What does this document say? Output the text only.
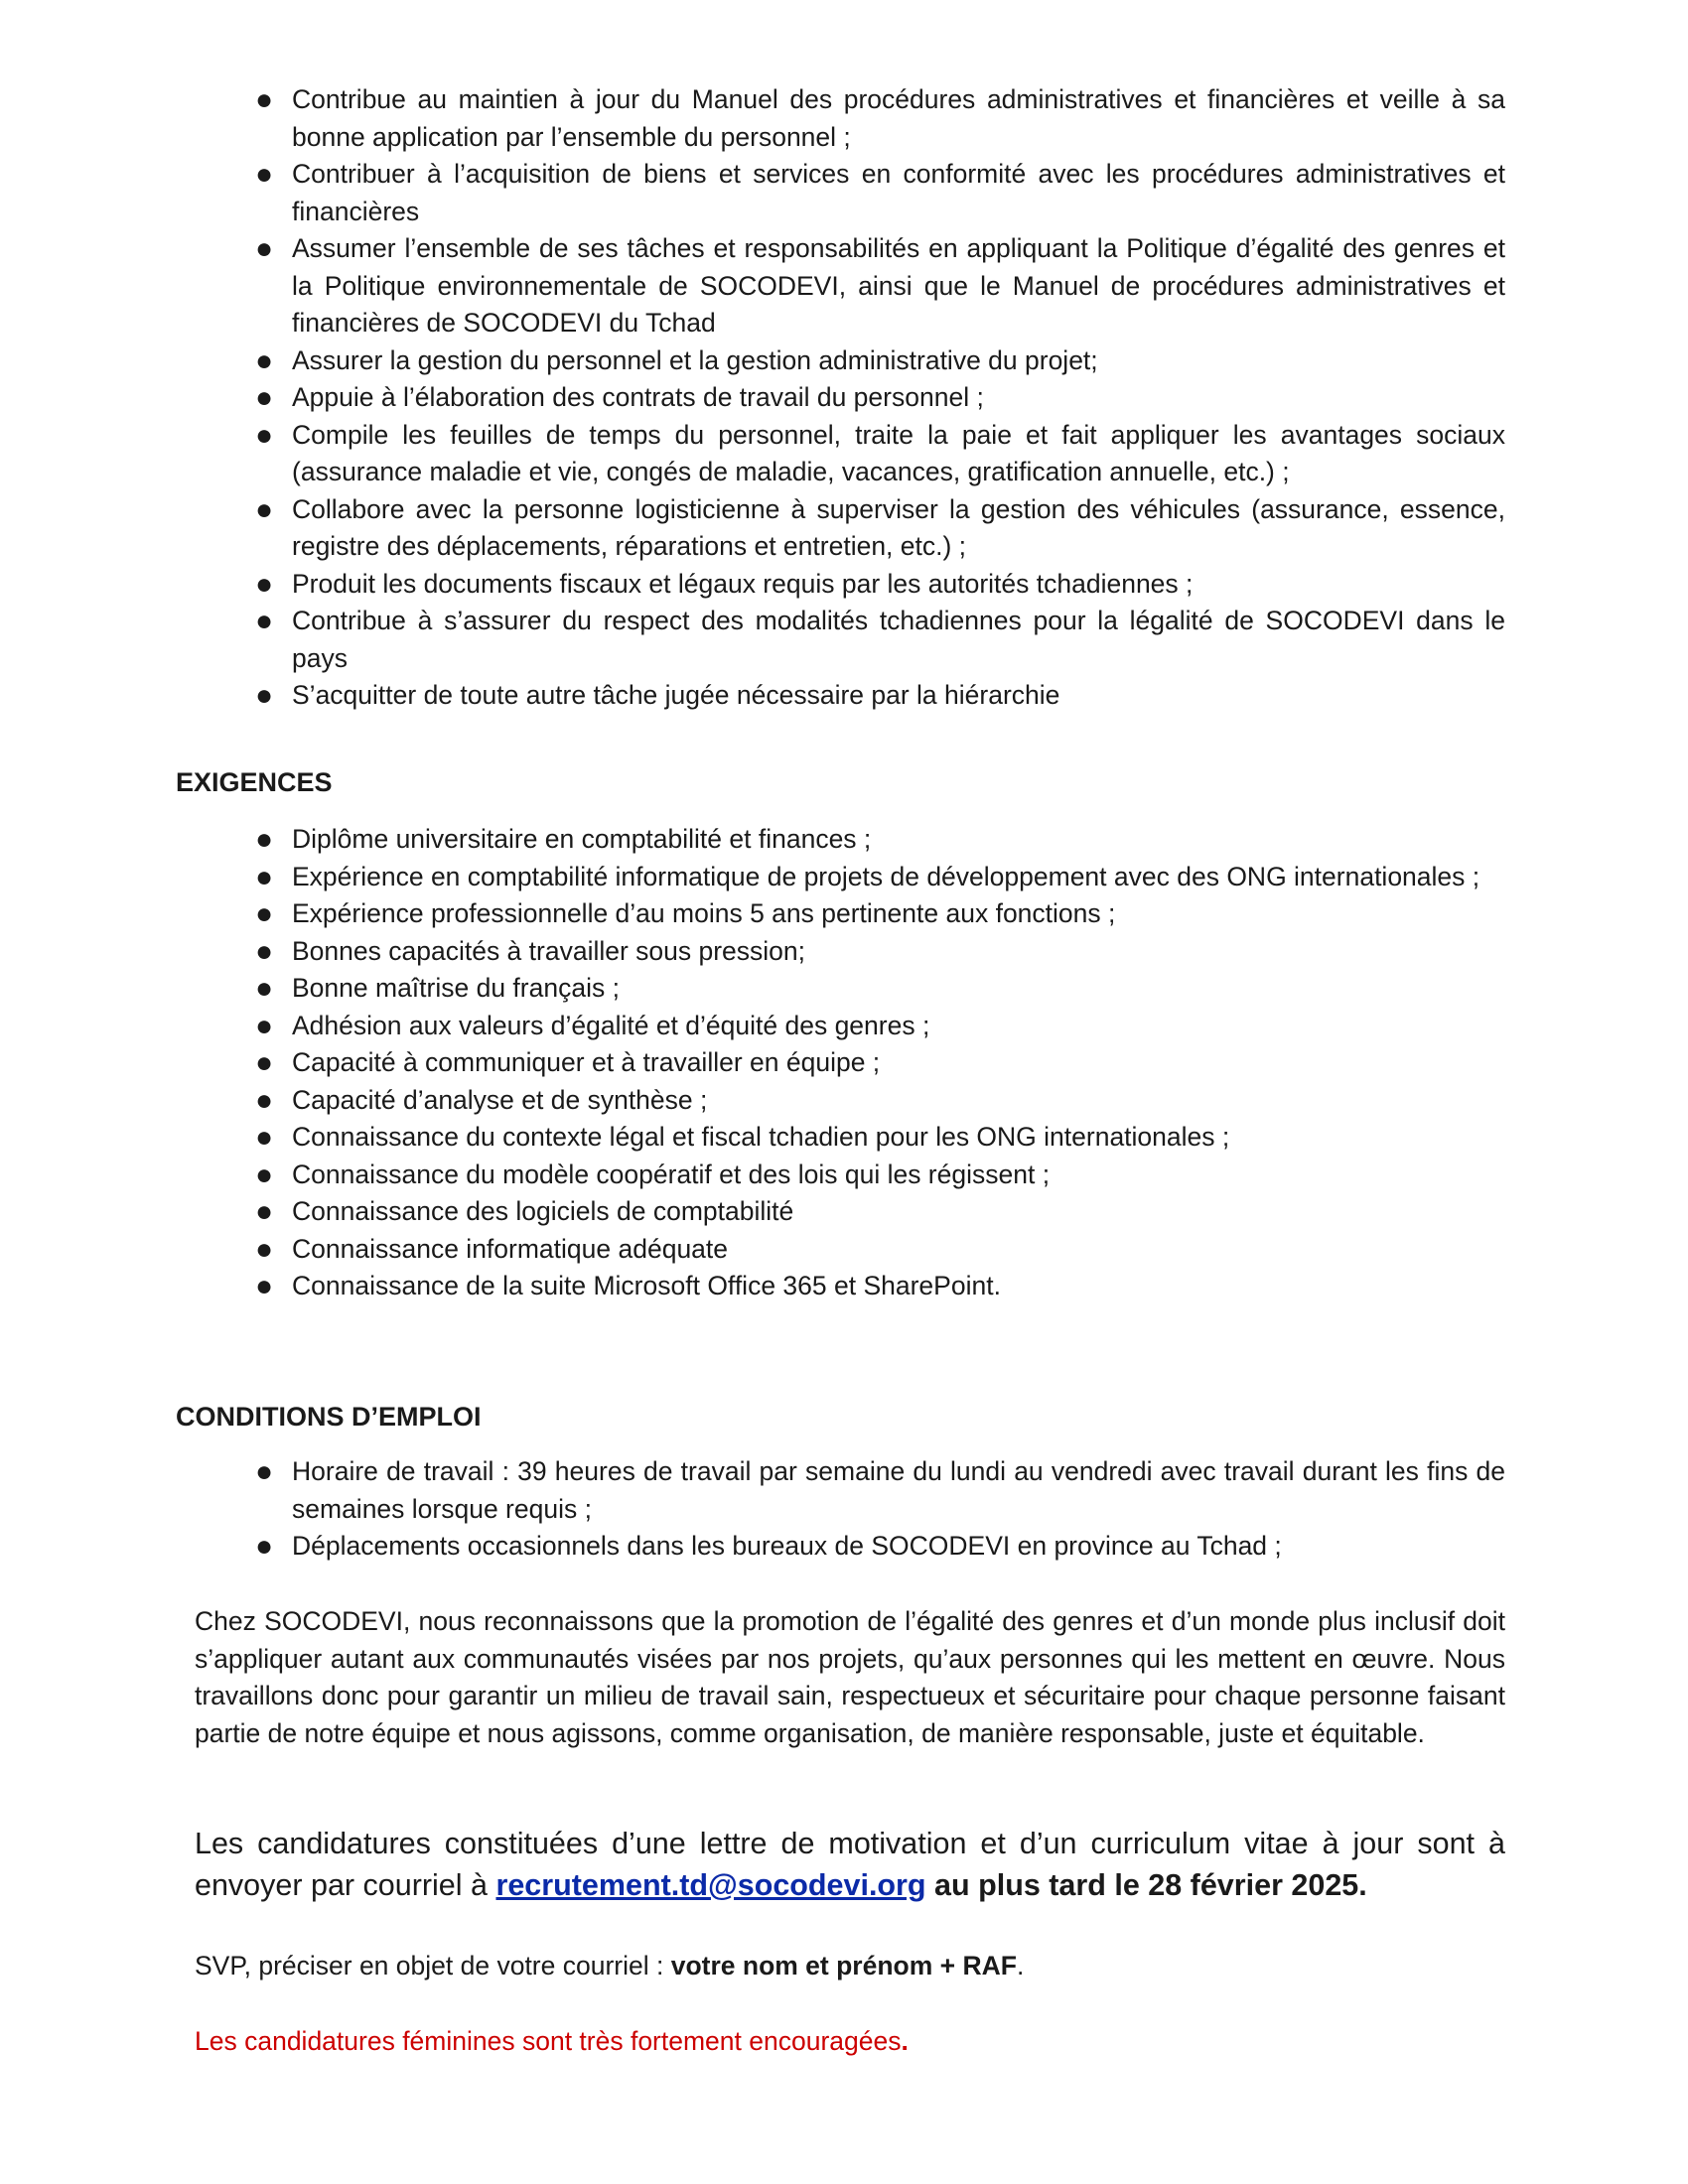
● Contribue au maintien à jour du Manuel des procédures administratives et financières et veille à sa bonne application par l’ensemble du personnel ;
● Contribuer à l’acquisition de biens et services en conformité avec les procédures administratives et financières
● Assumer l’ensemble de ses tâches et responsabilités en appliquant la Politique d’égalité des genres et la Politique environnementale de SOCODEVI, ainsi que le Manuel de procédures administratives et financières de SOCODEVI du Tchad
● Assurer la gestion du personnel et la gestion administrative du projet;
● Appuie à l’élaboration des contrats de travail du personnel ;
● Compile les feuilles de temps du personnel, traite la paie et fait appliquer les avantages sociaux (assurance maladie et vie, congés de maladie, vacances, gratification annuelle, etc.) ;
● Collabore avec la personne logisticienne à superviser la gestion des véhicules (assurance, essence, registre des déplacements, réparations et entretien, etc.) ;
● Produit les documents fiscaux et légaux requis par les autorités tchadiennes ;
● Contribue à s’assurer du respect des modalités tchadiennes pour la légalité de SOCODEVI dans le pays
● S’acquitter de toute autre tâche jugée nécessaire par la hiérarchie
EXIGENCES
● Diplôme universitaire en comptabilité et finances ;
● Expérience en comptabilité informatique de projets de développement avec des ONG internationales ;
● Expérience professionnelle d’au moins 5 ans pertinente aux fonctions ;
● Bonnes capacités à travailler sous pression;
● Bonne maîtrise du français ;
● Adhésion aux valeurs d’égalité et d’équité des genres ;
● Capacité à communiquer et à travailler en équipe ;
● Capacité d’analyse et de synthèse ;
● Connaissance du contexte légal et fiscal tchadien pour les ONG internationales ;
● Connaissance du modèle coopératif et des lois qui les régissent ;
● Connaissance des logiciels de comptabilité
● Connaissance informatique adéquate
● Connaissance de la suite Microsoft Office 365 et SharePoint.
CONDITIONS D’EMPLOI
● Horaire de travail : 39 heures de travail par semaine du lundi au vendredi avec travail durant les fins de semaines lorsque requis ;
● Déplacements occasionnels dans les bureaux de SOCODEVI en province au Tchad ;

Chez SOCODEVI, nous reconnaissons que la promotion de l’égalité des genres et d’un monde plus inclusif doit s’appliquer autant aux communautés visées par nos projets, qu’aux personnes qui les mettent en œuvre. Nous travaillons donc pour garantir un milieu de travail sain, respectueux et sécuritaire pour chaque personne faisant partie de notre équipe et nous agissons, comme organisation, de manière responsable, juste et équitable.

Les candidatures constituées d’une lettre de motivation et d’un curriculum vitae à jour sont à envoyer par courriel à recrutement.td@socodevi.org au plus tard le 28 février 2025.

SVP, préciser en objet de votre courriel : votre nom et prénom + RAF.

Les candidatures féminines sont très fortement encouragées.
